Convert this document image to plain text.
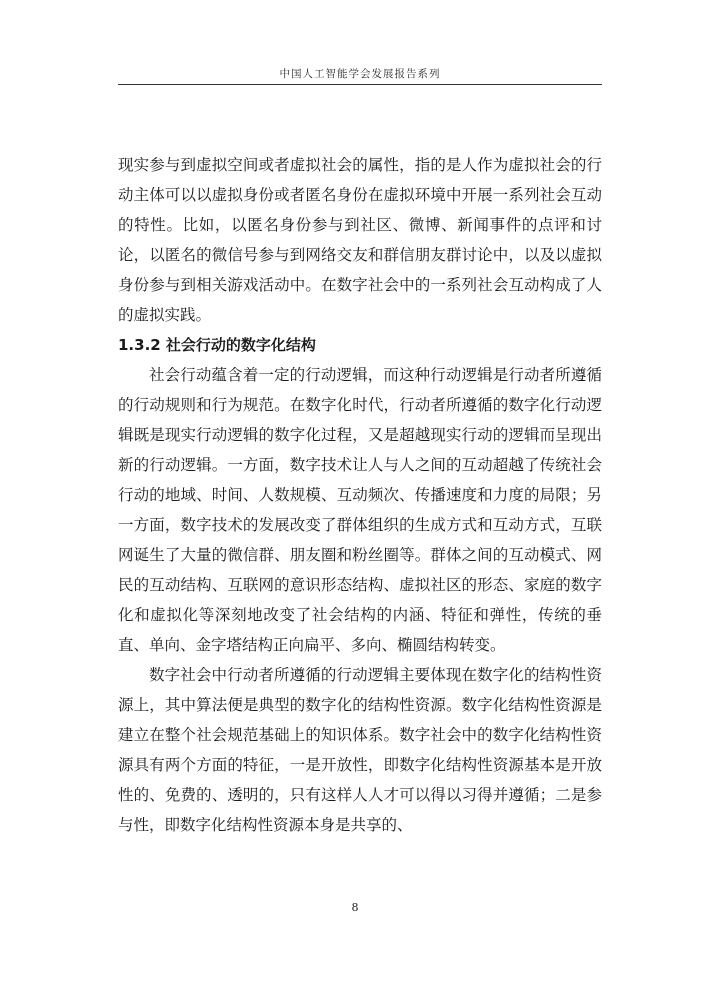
中国人工智能学会发展报告系列

现实参与到虚拟空间或者虚拟社会的属性，指的是人作为虚拟社会的行动主体可以以虚拟身份或者匿名身份在虚拟环境中开展一系列社会互动的特性。比如，以匿名身份参与到社区、微博、新闻事件的点评和讨论，以匿名的微信号参与到网络交友和群信朋友群讨论中，以及以虚拟身份参与到相关游戏活动中。在数字社会中的一系列社会互动构成了人的虚拟实践。

1.3.2 社会行动的数字化结构

社会行动蕴含着一定的行动逻辑，而这种行动逻辑是行动者所遵循的行动规则和行为规范。在数字化时代，行动者所遵循的数字化行动逻辑既是现实行动逻辑的数字化过程，又是超越现实行动的逻辑而呈现出新的行动逻辑。一方面，数字技术让人与人之间的互动超越了传统社会行动的地域、时间、人数规模、互动频次、传播速度和力度的局限；另一方面，数字技术的发展改变了群体组织的生成方式和互动方式，互联网诞生了大量的微信群、朋友圈和粉丝圈等。群体之间的互动模式、网民的互动结构、互联网的意识形态结构、虚拟社区的形态、家庭的数字化和虚拟化等深刻地改变了社会结构的内涵、特征和弹性，传统的垂直、单向、金字塔结构正向扁平、多向、椭圆结构转变。

数字社会中行动者所遵循的行动逻辑主要体现在数字化的结构性资源上，其中算法便是典型的数字化的结构性资源。数字化结构性资源是建立在整个社会规范基础上的知识体系。数字社会中的数字化结构性资源具有两个方面的特征，一是开放性，即数字化结构性资源基本是开放性的、免费的、透明的，只有这样人人才可以得以习得并遵循；二是参与性，即数字化结构性资源本身是共享的、

8
